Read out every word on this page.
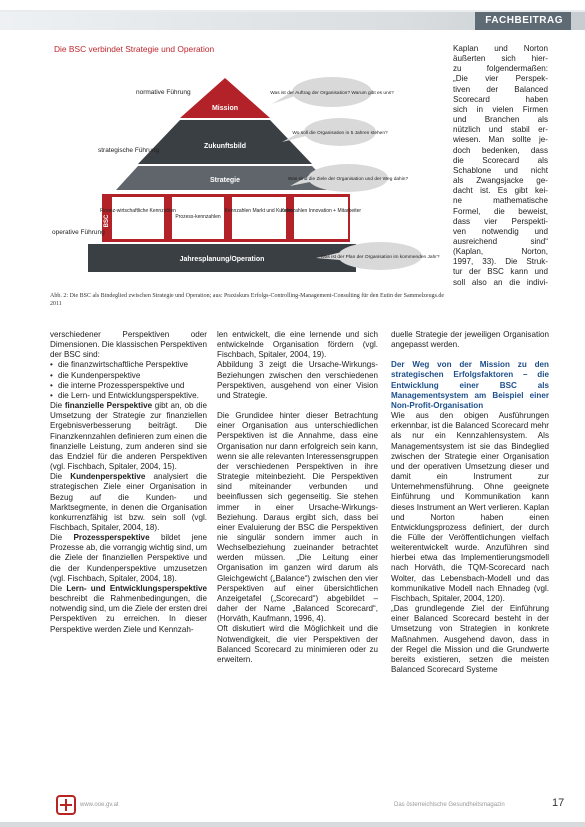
FACHBEITRAG
Die BSC verbindet Strategie und Operation
normative Führung
strategische Führung
operative Führung
Mission
Zukunftsbild
Strategie
Jahresplanung/Operation
BSC
Finanz-wirtschaftliche Kennzahlen
Prozess-kennzahlen
Kennzahlen Markt und Kunden
Kennzahlen Innovation + Mitarbeiter
Was ist der Auftrag der Organisation? Warum gibt es uns?
Wo soll die Organisation in 5 Jahren stehen?
Was sind die Ziele der Organisation und der Weg dahin?
Was ist der Plan der Organisation im kommenden Jahr?
Abb. 2: Die BSC als Bindeglied zwischen Strategie und Operation; aus: Praxiskurs Erfolgs-Controlling-Management-Consulting für den Eutin der Sammelzeugs.de 2011
Kaplan und Norton äußerten sich hier-
zu folgendermaßen:
„Die vier Perspek-
tiven der Balanced
Scorecard haben
sich in vielen Firmen
und Branchen als
nützlich und stabil er-
wiesen. Man sollte je-
doch bedenken, dass
die Scorecard als
Schablone und nicht
als Zwangsjacke ge-
dacht ist. Es gibt kei-
ne mathematische
Formel, die beweist,
dass vier Perspekti-
ven notwendig und
ausreichend sind“
(Kaplan, Norton,
1997, 33). Die Struk-
tur der BSC kann und
soll also an die indivi-

verschiedener Perspektiven oder Dimensionen. Die klassischen Perspektiven der BSC sind:

• die finanzwirtschaftliche Perspektive
• die Kundenperspektive
• die interne Prozessperspektive und
• die Lern- und Entwicklungsperspektive.

Die finanzielle Perspektive gibt an, ob die Umsetzung der Strategie zur finanziellen Ergebnisverbesserung beiträgt. Die Finanzkennzahlen definieren zum einen die finanzielle Leistung, zum anderen sind sie das Endziel für die anderen Perspektiven (vgl. Fischbach, Spitaler, 2004, 15).

Die Kundenperspektive analysiert die strategischen Ziele einer Organisation in Bezug auf die Kunden- und Marktsegmente, in denen die Organisation konkurrenzfähig ist bzw. sein soll (vgl. Fischbach, Spitaler, 2004, 18).

Die Prozessperspektive bildet jene Prozesse ab, die vorrangig wichtig sind, um die Ziele der finanziellen Perspektive und die der Kundenperspektive umzusetzen (vgl. Fischbach, Spitaler, 2004, 18).

Die Lern- und Entwicklungsperspektive beschreibt die Rahmenbedingungen, die notwendig sind, um die Ziele der ersten drei Perspektiven zu erreichen. In dieser Perspektive werden Ziele und Kennzah-

len entwickelt, die eine lernende und sich entwickelnde Organisation fördern (vgl. Fischbach, Spitaler, 2004, 19).

Abbildung 3 zeigt die Ursache-Wirkungs-Beziehungen zwischen den verschiedenen Perspektiven, ausgehend von einer Vision und Strategie.

Die Grundidee hinter dieser Betrachtung einer Organisation aus unterschiedlichen Perspektiven ist die Annahme, dass eine Organisation nur dann erfolgreich sein kann, wenn sie alle relevanten Interessensgruppen der verschiedenen Perspektiven in ihre Strategie miteinbezieht. Die Perspektiven sind miteinander verbunden und beeinflussen sich gegenseitig. Sie stehen immer in einer Ursache-Wirkungs-Beziehung. Daraus ergibt sich, dass bei einer Evaluierung der BSC die Perspektiven nie singulär sondern immer auch in Wechselbeziehung zueinander betrachtet werden müssen. „Die Leitung einer Organisation im ganzen wird darum als Gleichgewicht („Balance“) zwischen den vier Perspektiven auf einer übersichtlichen Anzeigetafel („Scorecard“) abgebildet – daher der Name „Balanced Scorecard“, (Horváth, Kaufmann, 1996, 4).

Oft diskutiert wird die Möglichkeit und die Notwendigkeit, die vier Perspektiven der Balanced Scorecard zu minimieren oder zu erweitern.

duelle Strategie der jeweiligen Organisation angepasst werden.

Der Weg von der Mission zu den strategischen Erfolgsfaktoren – die Entwicklung einer BSC als Managementsystem am Beispiel einer Non-Profit-Organisation

Wie aus den obigen Ausführungen erkennbar, ist die Balanced Scorecard mehr als nur ein Kennzahlensystem. Als Managementsystem ist sie das Bindeglied zwischen der Strategie einer Organisation und der operativen Umsetzung dieser und damit ein Instrument zur Unternehmensführung. Ohne geeignete Einführung und Kommunikation kann dieses Instrument an Wert verlieren. Kaplan und Norton haben einen Entwicklungsprozess definiert, der durch die Fülle der Veröffentlichungen vielfach weiterentwickelt wurde. Anzuführen sind hierbei etwa das Implementierungsmodell nach Horváth, die TQM-Scorecard nach Wolter, das Lebensbach-Modell und das kommunikative Modell nach Ehnadeg (vgl. Fischbach, Spitaler, 2004, 120).

„Das grundlegende Ziel der Einführung einer Balanced Scorecard besteht in der Umsetzung von Strategien in konkrete Maßnahmen. Ausgehend davon, dass in der Regel die Mission und die Grundwerte bereits existieren, setzen die meisten Balanced Scorecard Systeme

www.ooe.gv.at	Das österreichische Gesundheitsmagazin	17
